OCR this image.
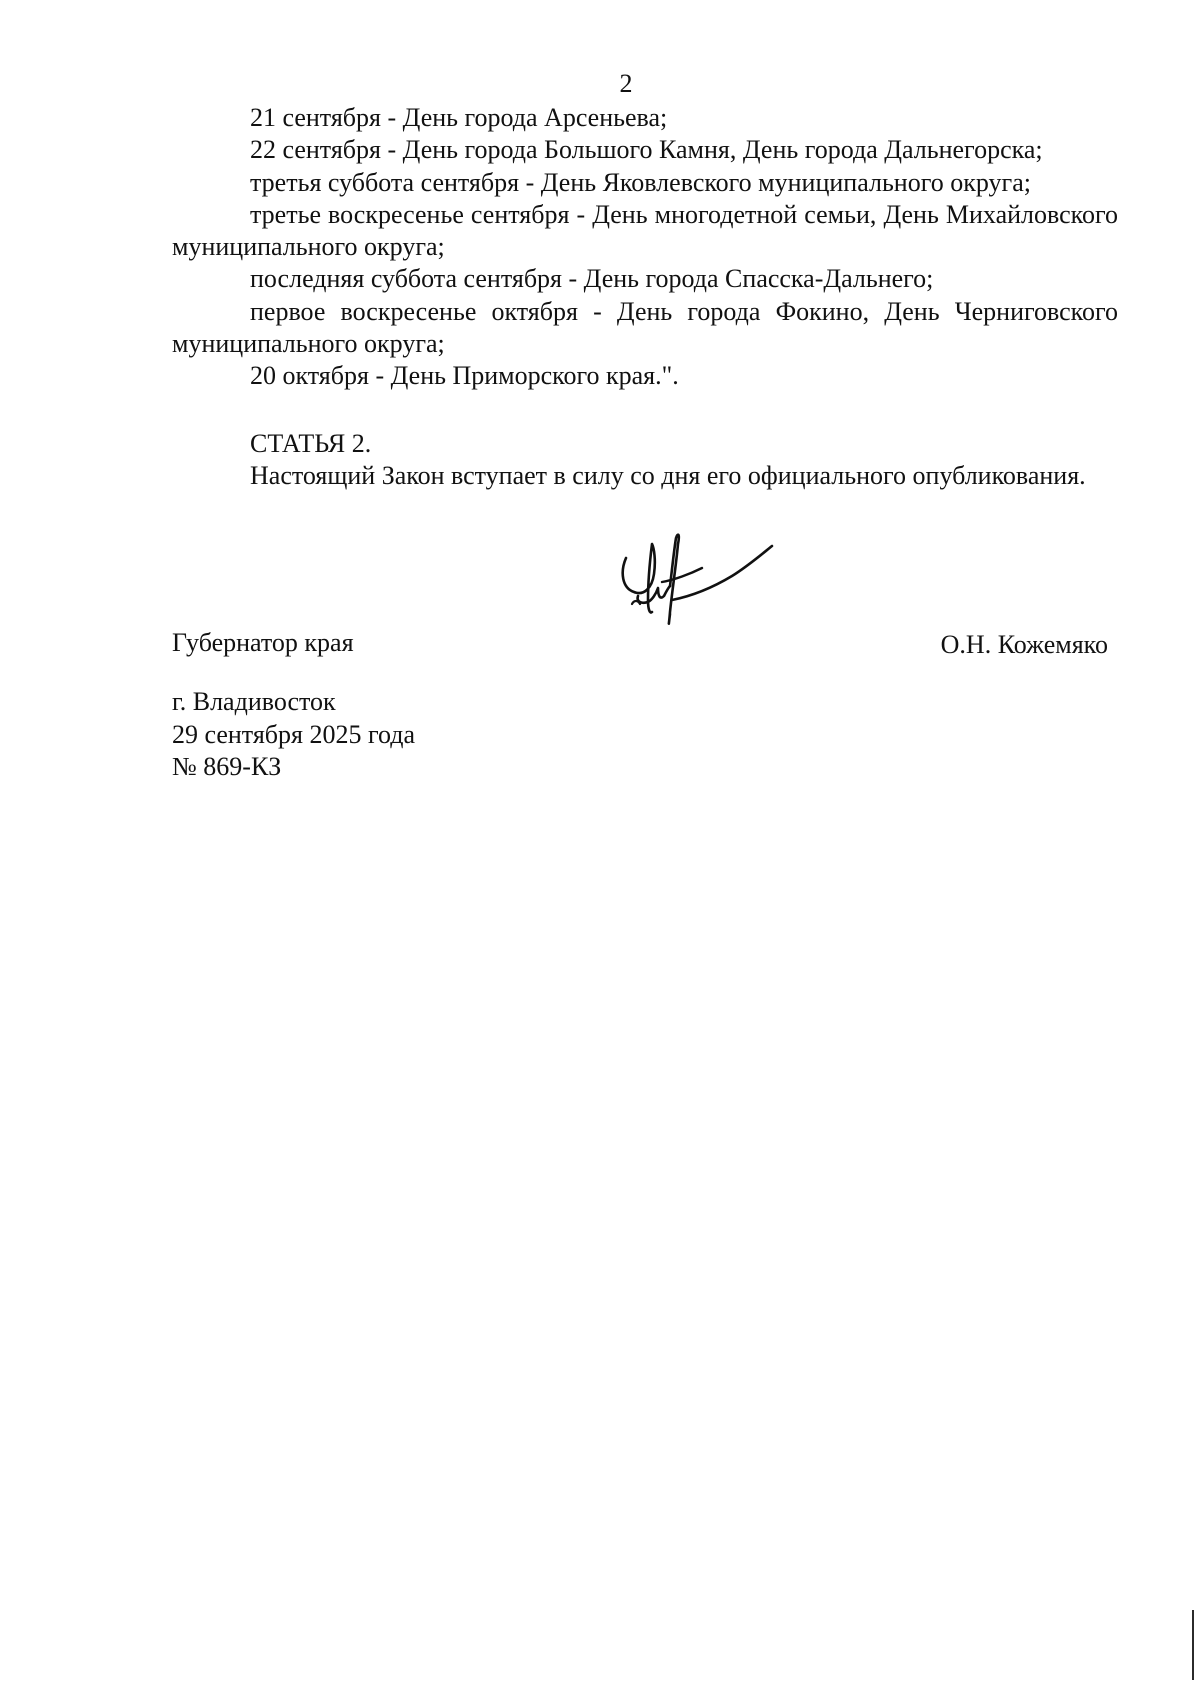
2

21 сентября - День города Арсеньева;

22 сентября - День города Большого Камня, День города Дальнегорска;

третья суббота сентября - День Яковлевского муниципального округа;

третье воскресенье сентября - День многодетной семьи, День Михайловского муниципального округа;

последняя суббота сентября - День города Спасска-Дальнего;

первое воскресенье октября - День города Фокино, День Черниговского муниципального округа;

20 октября - День Приморского края.".

СТАТЬЯ 2.

Настоящий Закон вступает в силу со дня его официального опубликования.

Губернатор края	О.Н. Кожемяко
г. Владивосток
29 сентября 2025 года
№ 869-КЗ
